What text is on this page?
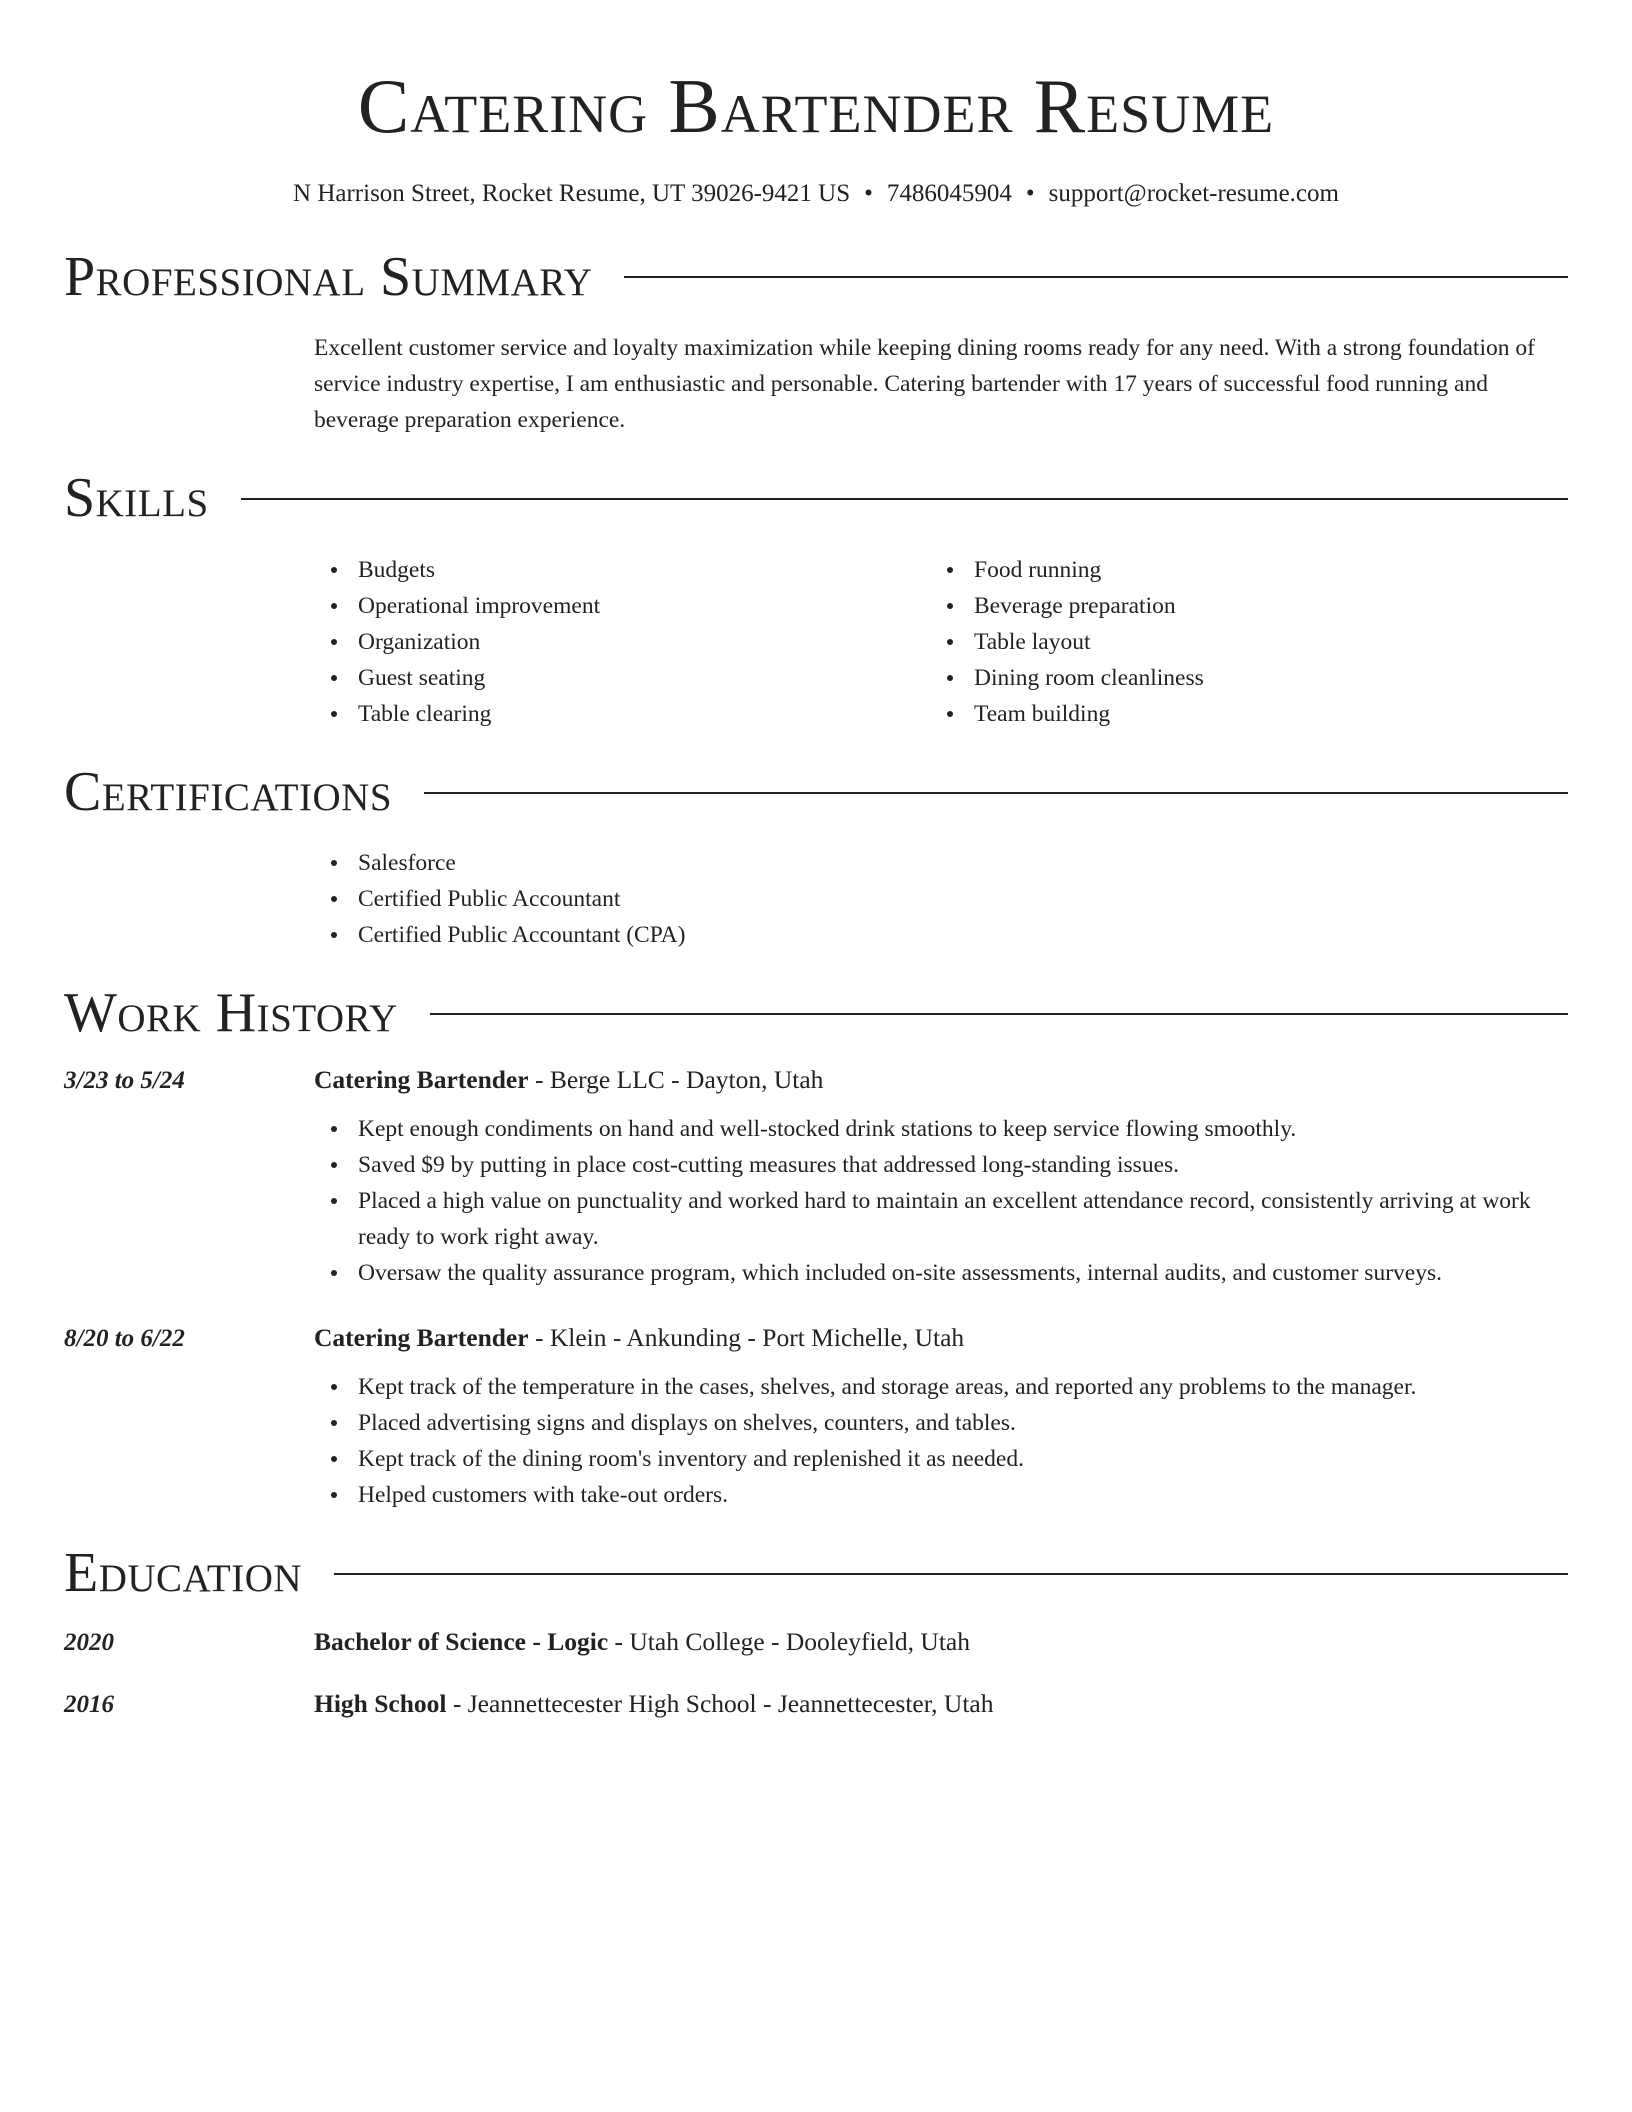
Catering Bartender Resume
N Harrison Street, Rocket Resume, UT 39026-9421 US • 7486045904 • support@rocket-resume.com
Professional Summary
Excellent customer service and loyalty maximization while keeping dining rooms ready for any need. With a strong foundation of service industry expertise, I am enthusiastic and personable. Catering bartender with 17 years of successful food running and beverage preparation experience.
Skills
Budgets
Operational improvement
Organization
Guest seating
Table clearing
Food running
Beverage preparation
Table layout
Dining room cleanliness
Team building
Certifications
Salesforce
Certified Public Accountant
Certified Public Accountant (CPA)
Work History
3/23 to 5/24	Catering Bartender - Berge LLC - Dayton, Utah
Kept enough condiments on hand and well-stocked drink stations to keep service flowing smoothly.
Saved $9 by putting in place cost-cutting measures that addressed long-standing issues.
Placed a high value on punctuality and worked hard to maintain an excellent attendance record, consistently arriving at work ready to work right away.
Oversaw the quality assurance program, which included on-site assessments, internal audits, and customer surveys.
8/20 to 6/22	Catering Bartender - Klein - Ankunding - Port Michelle, Utah
Kept track of the temperature in the cases, shelves, and storage areas, and reported any problems to the manager.
Placed advertising signs and displays on shelves, counters, and tables.
Kept track of the dining room's inventory and replenished it as needed.
Helped customers with take-out orders.
Education
2020	Bachelor of Science - Logic - Utah College - Dooleyfield, Utah
2016	High School - Jeannettecester High School - Jeannettecester, Utah
